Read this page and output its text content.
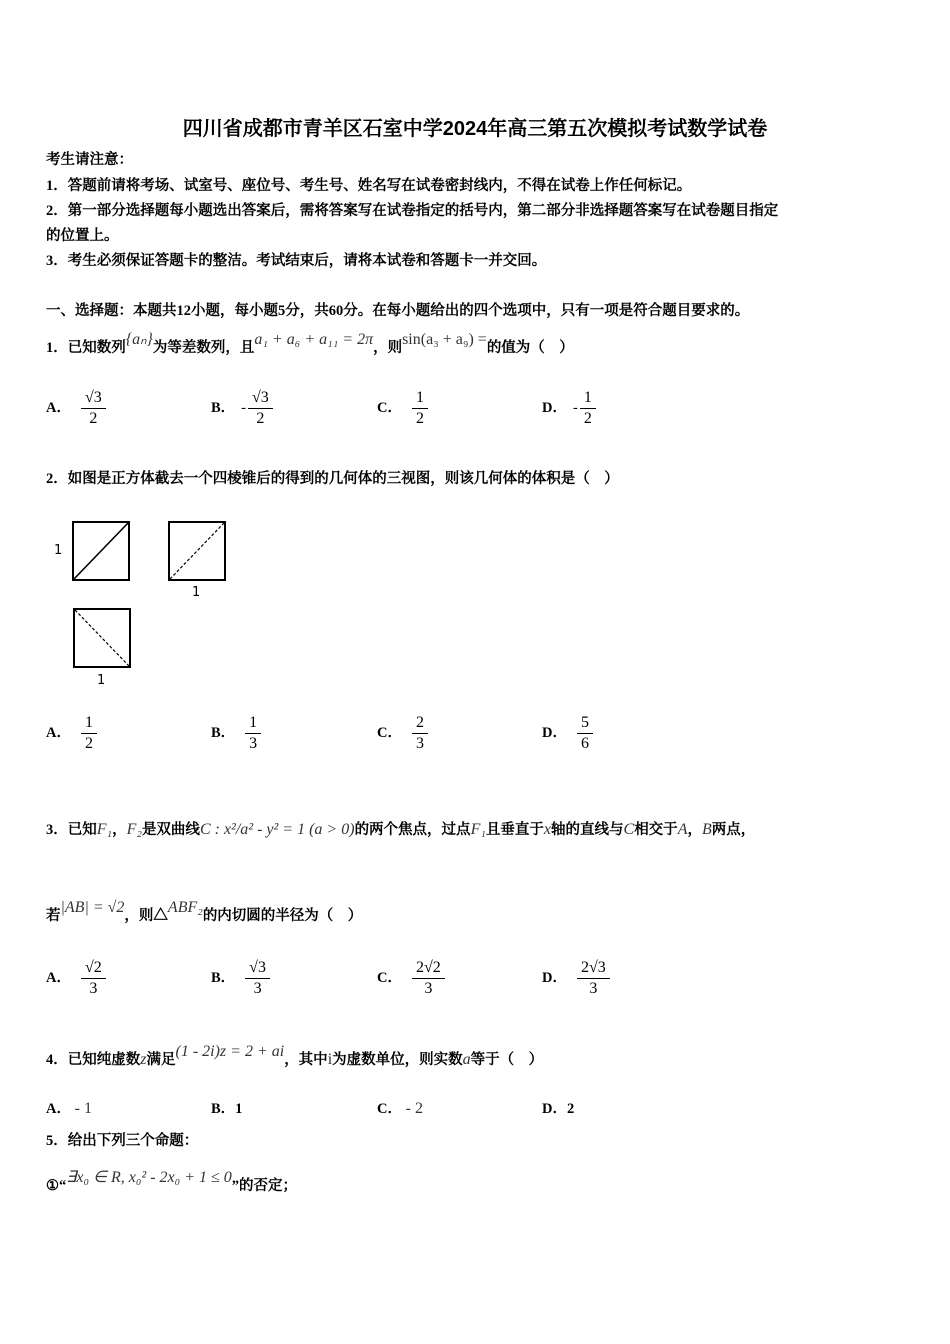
四川省成都市青羊区石室中学2024年高三第五次模拟考试数学试卷
考生请注意：
1．答题前请将考场、试室号、座位号、考生号、姓名写在试卷密封线内，不得在试卷上作任何标记。
2．第一部分选择题每小题选出答案后，需将答案写在试卷指定的括号内，第二部分非选择题答案写在试卷题目指定
的位置上。
3．考生必须保证答题卡的整洁。考试结束后，请将本试卷和答题卡一并交回。
一、选择题：本题共12小题，每小题5分，共60分。在每小题给出的四个选项中，只有一项是符合题目要求的。
1．已知数列{aₙ}为等差数列，且a₁ + a₆ + a₁₁ = 2π，则sin(a₃ + a₉) =的值为（　）
A． $\frac{√3}{2}$	B． - $\frac{√3}{2}$	C． $\frac{1}{2}$	D． - $\frac{1}{2}$
2．如图是正方体截去一个四棱锥后的得到的几何体的三视图，则该几何体的体积是（　）
1
1
1
A． $\frac{1}{2}$	B． $\frac{1}{3}$	C． $\frac{2}{3}$	D． $\frac{5}{6}$
3．已知F₁，F₂是双曲线C : x²/a² - y² = 1 (a > 0)的两个焦点，过点F₁且垂直于x轴的直线与C相交于A，B两点，
若|AB| = √2，则△ABF₂的内切圆的半径为（　）
A． $\frac{√2}{3}$	B． $\frac{√3}{3}$	C． $\frac{2√2}{3}$	D． $\frac{2√3}{3}$
4．已知纯虚数z满足(1 - 2i)z = 2 + ai，其中i为虚数单位，则实数a等于（　）
A． - 1	B．1	C． - 2	D．2
5．给出下列三个命题：
①“∃x₀ ∈ R, x₀² - 2x₀ + 1 ≤ 0”的否定；
